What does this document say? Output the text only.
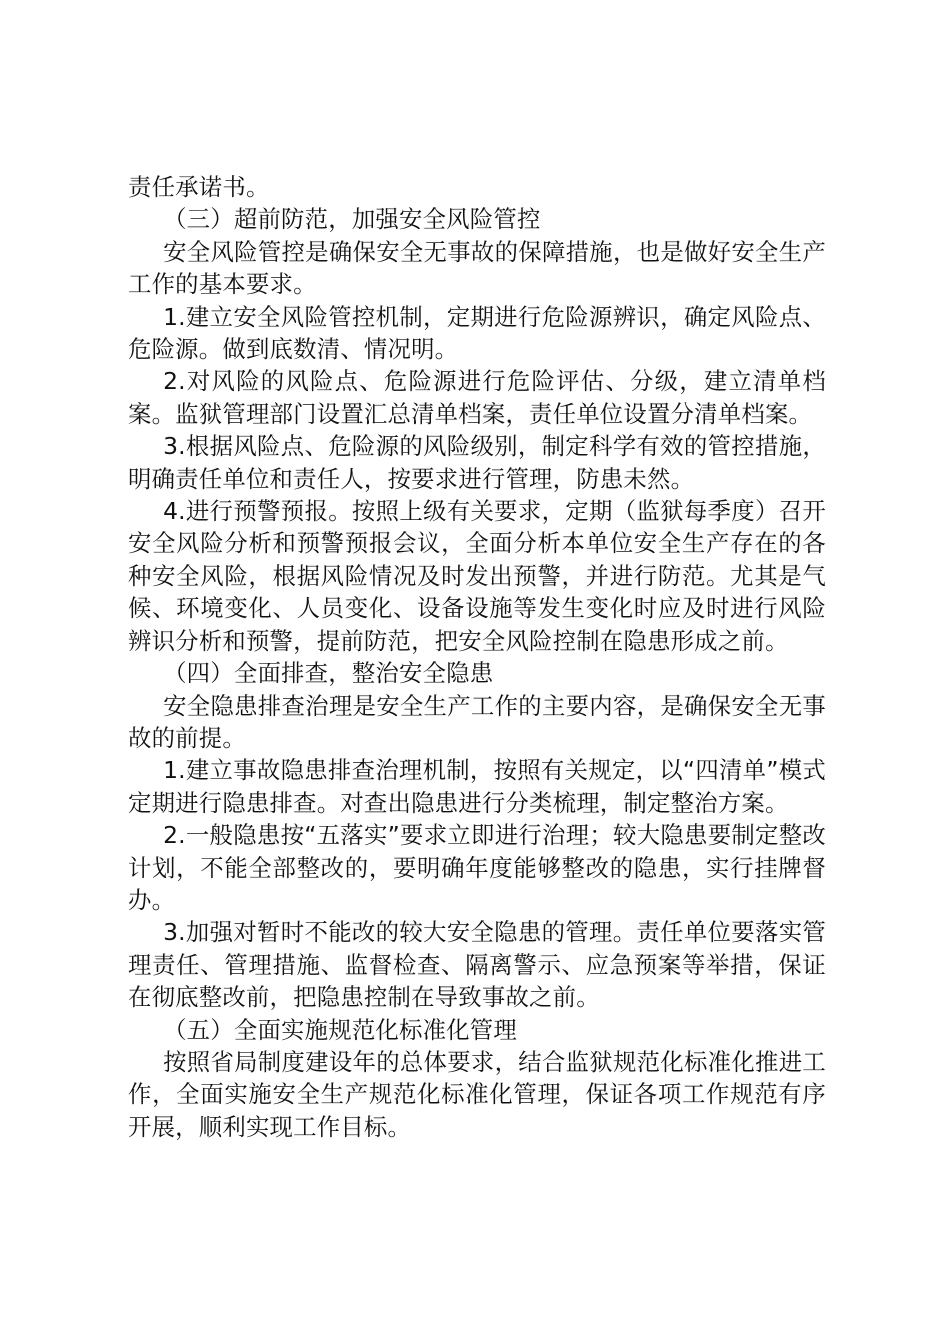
责任承诺书。

（三）超前防范，加强安全风险管控

安全风险管控是确保安全无事故的保障措施，也是做好安全生产工作的基本要求。

1.建立安全风险管控机制，定期进行危险源辨识，确定风险点、危险源。做到底数清、情况明。

2.对风险的风险点、危险源进行危险评估、分级，建立清单档案。监狱管理部门设置汇总清单档案，责任单位设置分清单档案。

3.根据风险点、危险源的风险级别，制定科学有效的管控措施，明确责任单位和责任人，按要求进行管理，防患未然。

4.进行预警预报。按照上级有关要求，定期（监狱每季度）召开安全风险分析和预警预报会议，全面分析本单位安全生产存在的各种安全风险，根据风险情况及时发出预警，并进行防范。尤其是气候、环境变化、人员变化、设备设施等发生变化时应及时进行风险辨识分析和预警，提前防范，把安全风险控制在隐患形成之前。

（四）全面排查，整治安全隐患

安全隐患排查治理是安全生产工作的主要内容，是确保安全无事故的前提。

1.建立事故隐患排查治理机制，按照有关规定，以“四清单”模式定期进行隐患排查。对查出隐患进行分类梳理，制定整治方案。

2.一般隐患按“五落实”要求立即进行治理；较大隐患要制定整改计划，不能全部整改的，要明确年度能够整改的隐患，实行挂牌督办。

3.加强对暂时不能改的较大安全隐患的管理。责任单位要落实管理责任、管理措施、监督检查、隔离警示、应急预案等举措，保证在彻底整改前，把隐患控制在导致事故之前。

（五）全面实施规范化标准化管理

按照省局制度建设年的总体要求，结合监狱规范化标准化推进工作，全面实施安全生产规范化标准化管理，保证各项工作规范有序开展，顺利实现工作目标。
